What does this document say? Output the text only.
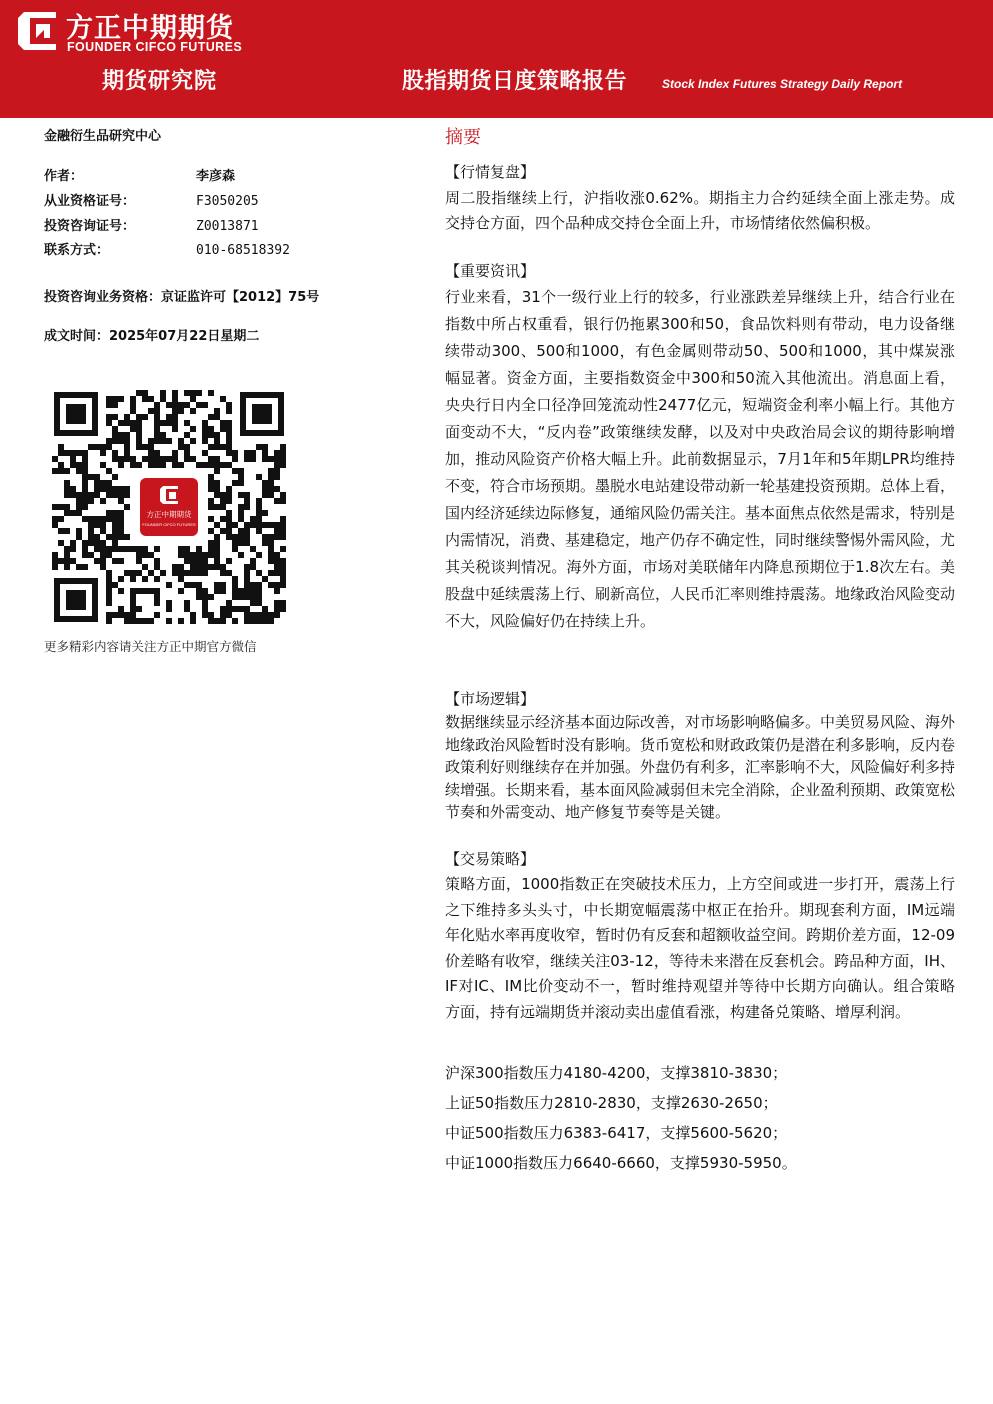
方正中期期货
FOUNDER CIFCO FUTURES
期货研究院	股指期货日度策略报告	Stock Index Futures Strategy Daily Report
金融衍生品研究中心
作者：	李彦森
从业资格证号：	F3050205
投资咨询证号：	Z0013871
联系方式：	010-68518392
投资咨询业务资格：京证监许可【2012】75号
成文时间：2025年07月22日星期二
方正中期期货
FOUNDER CIFCO FUTURES
更多精彩内容请关注方正中期官方微信
摘要
【行情复盘】

周二股指继续上行，沪指收涨0.62%。期指主力合约延续全面上涨走势。成交持仓方面，四个品种成交持仓全面上升，市场情绪依然偏积极。

【重要资讯】

行业来看，31个一级行业上行的较多，行业涨跌差异继续上升，结合行业在指数中所占权重看，银行仍拖累300和50，食品饮料则有带动，电力设备继续带动300、500和1000，有色金属则带动50、500和1000，其中煤炭涨幅显著。资金方面，主要指数资金中300和50流入其他流出。消息面上看，央央行日内全口径净回笼流动性2477亿元，短端资金利率小幅上行。其他方面变动不大，“反内卷”政策继续发酵，以及对中央政治局会议的期待影响增加，推动风险资产价格大幅上升。此前数据显示，7月1年和5年期LPR均维持不变，符合市场预期。墨脱水电站建设带动新一轮基建投资预期。总体上看，国内经济延续边际修复，通缩风险仍需关注。基本面焦点依然是需求，特别是内需情况，消费、基建稳定，地产仍存不确定性，同时继续警惕外需风险，尤其关税谈判情况。海外方面，市场对美联储年内降息预期位于1.8次左右。美股盘中延续震荡上行、刷新高位，人民币汇率则维持震荡。地缘政治风险变动不大，风险偏好仍在持续上升。

【市场逻辑】

数据继续显示经济基本面边际改善，对市场影响略偏多。中美贸易风险、海外地缘政治风险暂时没有影响。货币宽松和财政政策仍是潜在利多影响，反内卷政策利好则继续存在并加强。外盘仍有利多，汇率影响不大，风险偏好利多持续增强。长期来看，基本面风险减弱但未完全消除，企业盈利预期、政策宽松节奏和外需变动、地产修复节奏等是关键。

【交易策略】

策略方面，1000指数正在突破技术压力，上方空间或进一步打开，震荡上行之下维持多头头寸，中长期宽幅震荡中枢正在抬升。期现套利方面，IM远端年化贴水率再度收窄，暂时仍有反套和超额收益空间。跨期价差方面，12-09价差略有收窄，继续关注03-12，等待未来潜在反套机会。跨品种方面，IH、IF对IC、IM比价变动不一，暂时维持观望并等待中长期方向确认。组合策略方面，持有远端期货并滚动卖出虚值看涨，构建备兑策略、增厚利润。

沪深300指数压力4180-4200，支撑3810-3830；
上证50指数压力2810-2830，支撑2630-2650；
中证500指数压力6383-6417，支撑5600-5620；
中证1000指数压力6640-6660，支撑5930-5950。
